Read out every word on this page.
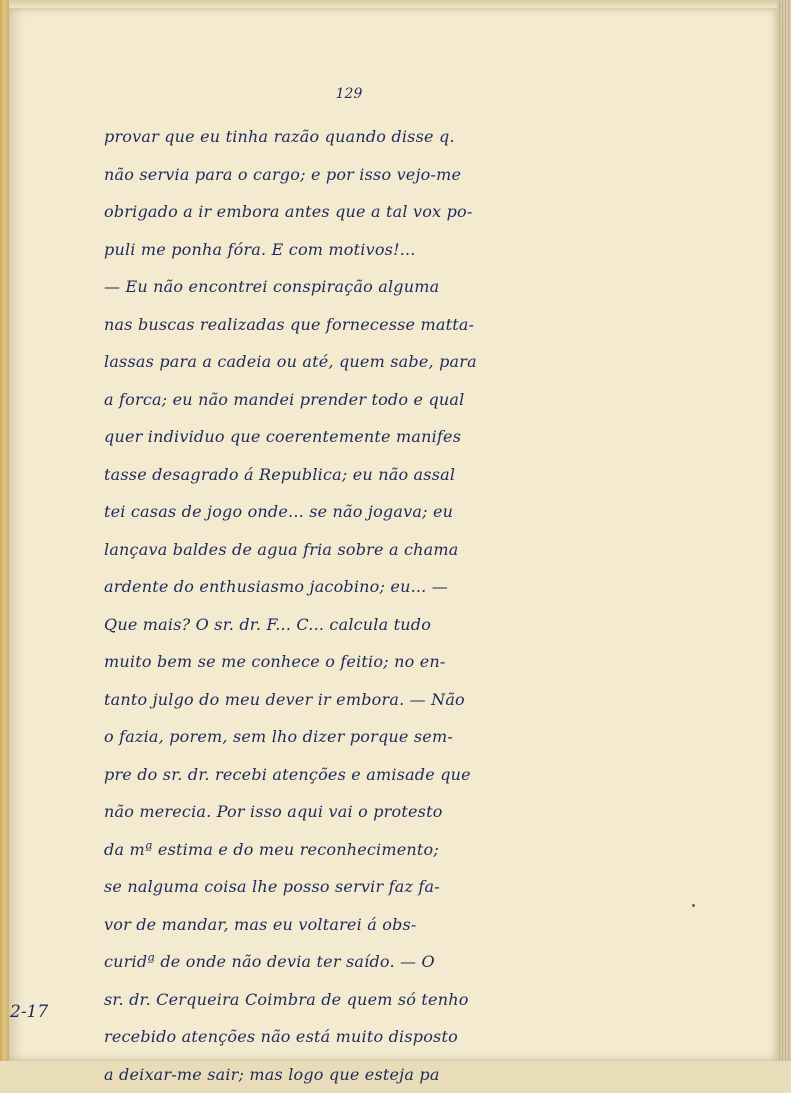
129
provar que eu tinha razão quando disse q.
não servia para o cargo; e por isso vejo-me
obrigado a ir embora antes que a tal vox po-
puli me ponha fóra. E com motivos!...
— Eu não encontrei conspiração alguma
nas buscas realizadas que fornecesse matta-
lassas para a cadeia ou até, quem sabe, para
a forca; eu não mandei prender todo e qual
quer individuo que coerentemente manifes
tasse desagrado á Republica; eu não assal
tei casas de jogo onde... se não jogava; eu
lançava baldes de agua fria sobre a chama
ardente do enthusiasmo jacobino; eu... —
Que mais? O sr. dr. F... C... calcula tudo
muito bem se me conhece o feitio; no en-
tanto julgo do meu dever ir embora. — Não
o fazia, porem, sem lho dizer porque sem-
pre do sr. dr. recebi atenções e amisade que
não merecia. Por isso aqui vai o protesto
da mª estima e do meu reconhecimento;
se nalguma coisa lhe posso servir faz fa-
vor de mandar, mas eu voltarei á obs-
curidª de onde não devia ter saído. — O
sr. dr. Cerqueira Coimbra de quem só tenho
recebido atenções não está muito disposto
a deixar-me sair; mas logo que esteja pa
2-17
